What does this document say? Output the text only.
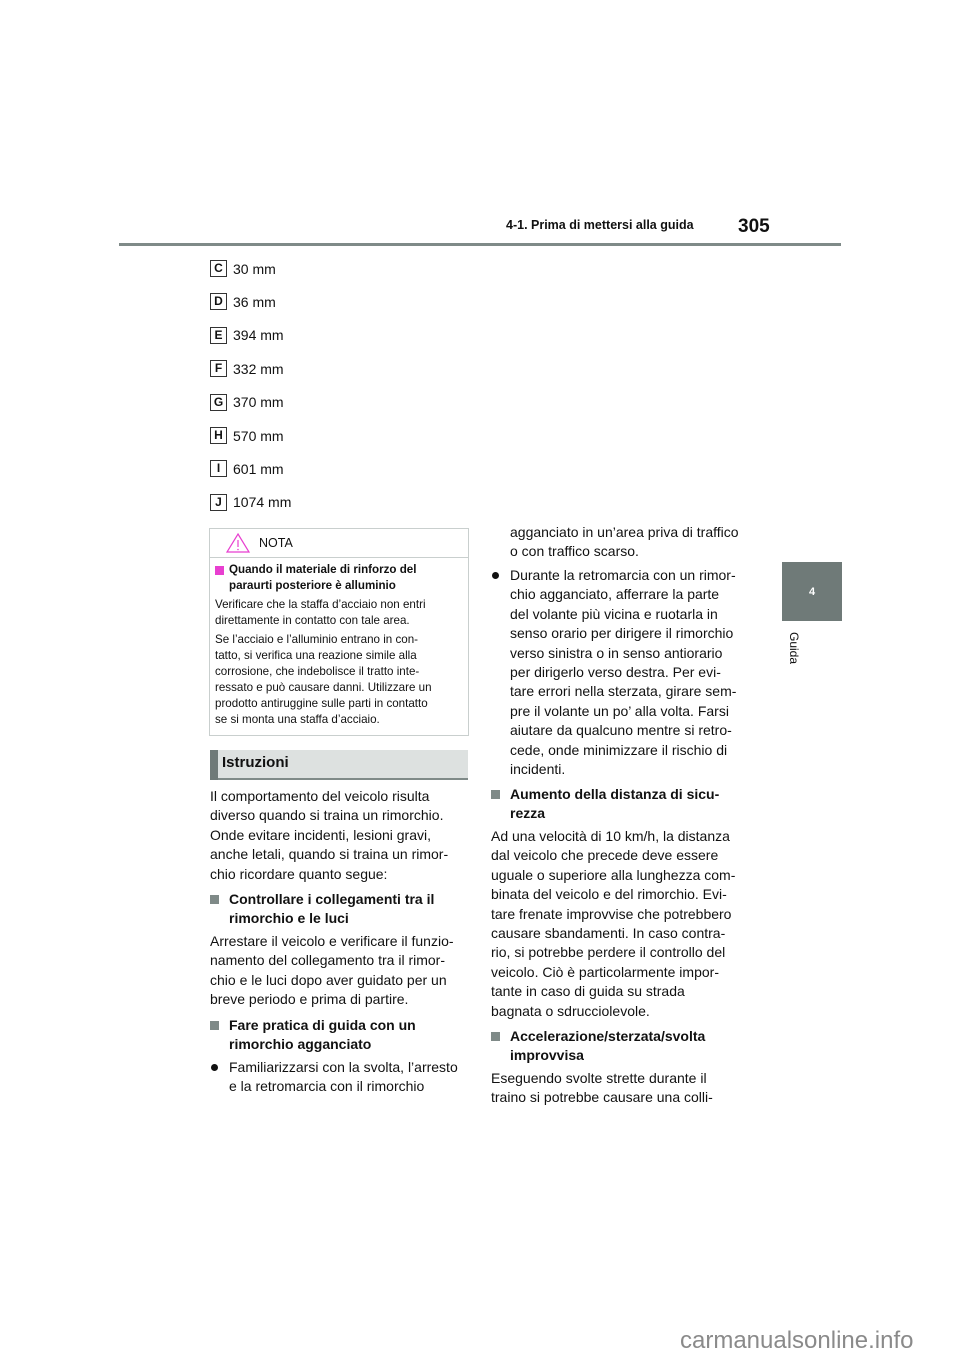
4-1. Prima di mettersi alla guida 305
4
Guida
C 30 mm
D 36 mm
E 394 mm
F 332 mm
G 370 mm
H 570 mm
I 601 mm
J 1074 mm
NOTA
Quando il materiale di rinforzo del
paraurti posteriore è alluminio
Verificare che la staffa d’acciaio non entri
direttamente in contatto con tale area.
Se l’acciaio e l’alluminio entrano in con-
tatto, si verifica una reazione simile alla
corrosione, che indebolisce il tratto inte-
ressato e può causare danni. Utilizzare un
prodotto antiruggine sulle parti in contatto
se si monta una staffa d’acciaio.
Istruzioni
Il comportamento del veicolo risulta
diverso quando si traina un rimorchio.
Onde evitare incidenti, lesioni gravi,
anche letali, quando si traina un rimor-
chio ricordare quanto segue:
Controllare i collegamenti tra il
rimorchio e le luci
Arrestare il veicolo e verificare il funzio-
namento del collegamento tra il rimor-
chio e le luci dopo aver guidato per un
breve periodo e prima di partire.
Fare pratica di guida con un
rimorchio agganciato
Familiarizzarsi con la svolta, l’arresto
e la retromarcia con il rimorchio
agganciato in un’area priva di traffico
o con traffico scarso.
Durante la retromarcia con un rimor-
chio agganciato, afferrare la parte
del volante più vicina e ruotarla in
senso orario per dirigere il rimorchio
verso sinistra o in senso antiorario
per dirigerlo verso destra. Per evi-
tare errori nella sterzata, girare sem-
pre il volante un po’ alla volta. Farsi
aiutare da qualcuno mentre si retro-
cede, onde minimizzare il rischio di
incidenti.
Aumento della distanza di sicu-
rezza
Ad una velocità di 10 km/h, la distanza
dal veicolo che precede deve essere
uguale o superiore alla lunghezza com-
binata del veicolo e del rimorchio. Evi-
tare frenate improvvise che potrebbero
causare sbandamenti. In caso contra-
rio, si potrebbe perdere il controllo del
veicolo. Ciò è particolarmente impor-
tante in caso di guida su strada
bagnata o sdrucciolevole.
Accelerazione/sterzata/svolta
improvvisa
Eseguendo svolte strette durante il
traino si potrebbe causare una colli-
carmanualsonline.info
